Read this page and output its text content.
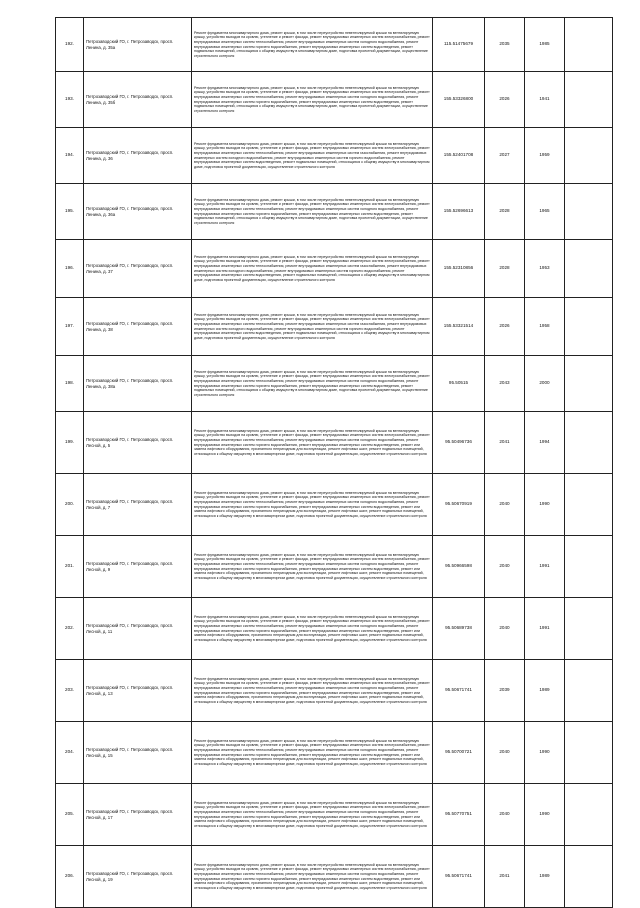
192.	Петрозаводский ГО, г. Петрозаводск, просп. Ленина, д. 35а	Ремонт фундамента многоквартирного дома, ремонт крыши, в том числе переустройство невентилируемой крыши на вентилируемую крышу, устройство выходов на кровлю, утепление и ремонт фасада, ремонт внутридомовых инженерных систем электроснабжения, ремонт внутридомовых инженерных систем теплоснабжения, ремонт внутридомовых инженерных систем холодного водоснабжения, ремонт внутридомовых инженерных систем горячего водоснабжения, ремонт внутридомовых инженерных систем водоотведения, ремонт подвальных помещений, относящихся к общему имуществу в многоквартирном доме, подготовка проектной документации, осуществление строительного контроля	115.51475679	2035	1985	
193.	Петрозаводский ГО, г. Петрозаводск, просп. Ленина, д. 35б	Ремонт фундамента многоквартирного дома, ремонт крыши, в том числе переустройство невентилируемой крыши на вентилируемую крышу, устройство выходов на кровлю, утепление и ремонт фасада, ремонт внутридомовых инженерных систем электроснабжения, ремонт внутридомовых инженерных систем теплоснабжения, ремонт внутридомовых инженерных систем холодного водоснабжения, ремонт внутридомовых инженерных систем горячего водоснабжения, ремонт внутридомовых инженерных систем водоотведения, ремонт подвальных помещений, относящихся к общему имуществу в многоквартирном доме, подготовка проектной документации, осуществление строительного контроля	155.53326800	2026	1941	
194.	Петрозаводский ГО, г. Петрозаводск, просп. Ленина, д. 36	Ремонт фундамента многоквартирного дома, ремонт крыши, в том числе переустройство невентилируемой крыши на вентилируемую крышу, устройство выходов на кровлю, утепление и ремонт фасада, ремонт внутридомовых инженерных систем электроснабжения, ремонт внутридомовых инженерных систем теплоснабжения, ремонт внутридомовых инженерных систем газоснабжения, ремонт внутридомовых инженерных систем холодного водоснабжения, ремонт внутридомовых инженерных систем горячего водоснабжения, ремонт внутридомовых инженерных систем водоотведения, ремонт подвальных помещений, относящихся к общему имуществу в многоквартирном доме, подготовка проектной документации, осуществление строительного контроля	155.52401708	2027	1959	
195.	Петрозаводский ГО, г. Петрозаводск, просп. Ленина, д. 36а	Ремонт фундамента многоквартирного дома, ремонт крыши, в том числе переустройство невентилируемой крыши на вентилируемую крышу, устройство выходов на кровлю, утепление и ремонт фасада, ремонт внутридомовых инженерных систем электроснабжения, ремонт внутридомовых инженерных систем теплоснабжения, ремонт внутридомовых инженерных систем холодного водоснабжения, ремонт внутридомовых инженерных систем горячего водоснабжения, ремонт внутридомовых инженерных систем водоотведения, ремонт подвальных помещений, относящихся к общему имуществу в многоквартирном доме, подготовка проектной документации, осуществление строительного контроля	155.52696613	2028	1965	
196.	Петрозаводский ГО, г. Петрозаводск, просп. Ленина, д. 37	Ремонт фундамента многоквартирного дома, ремонт крыши, в том числе переустройство невентилируемой крыши на вентилируемую крышу, устройство выходов на кровлю, утепление и ремонт фасада, ремонт внутридомовых инженерных систем электроснабжения, ремонт внутридомовых инженерных систем теплоснабжения, ремонт внутридомовых инженерных систем газоснабжения, ремонт внутридомовых инженерных систем холодного водоснабжения, ремонт внутридомовых инженерных систем горячего водоснабжения, ремонт внутридомовых инженерных систем водоотведения, ремонт подвальных помещений, относящихся к общему имуществу в многоквартирном доме, подготовка проектной документации, осуществление строительного контроля	155.52310856	2028	1953	
197.	Петрозаводский ГО, г. Петрозаводск, просп. Ленина, д. 38	Ремонт фундамента многоквартирного дома, ремонт крыши, в том числе переустройство невентилируемой крыши на вентилируемую крышу, устройство выходов на кровлю, утепление и ремонт фасада, ремонт внутридомовых инженерных систем электроснабжения, ремонт внутридомовых инженерных систем теплоснабжения, ремонт внутридомовых инженерных систем газоснабжения, ремонт внутридомовых инженерных систем холодного водоснабжения, ремонт внутридомовых инженерных систем горячего водоснабжения, ремонт внутридомовых инженерных систем водоотведения, ремонт подвальных помещений, относящихся к общему имуществу в многоквартирном доме, подготовка проектной документации, осуществление строительного контроля	155.53321514	2026	1958	
198.	Петрозаводский ГО, г. Петрозаводск, просп. Ленина, д. 38а	Ремонт фундамента многоквартирного дома, ремонт крыши, в том числе переустройство невентилируемой крыши на вентилируемую крышу, устройство выходов на кровлю, утепление и ремонт фасада, ремонт внутридомовых инженерных систем электроснабжения, ремонт внутридомовых инженерных систем теплоснабжения, ремонт внутридомовых инженерных систем холодного водоснабжения, ремонт внутридомовых инженерных систем горячего водоснабжения, ремонт внутридомовых инженерных систем водоотведения, ремонт подвальных помещений, относящихся к общему имуществу в многоквартирном доме, подготовка проектной документации, осуществление строительного контроля	95.50515	2043	2000	
199.	Петрозаводский ГО, г. Петрозаводск, просп. Лесной, д. 5	Ремонт фундамента многоквартирного дома, ремонт крыши, в том числе переустройство невентилируемой крыши на вентилируемую крышу, устройство выходов на кровлю, утепление и ремонт фасада, ремонт внутридомовых инженерных систем электроснабжения, ремонт внутридомовых инженерных систем теплоснабжения, ремонт внутридомовых инженерных систем холодного водоснабжения, ремонт внутридомовых инженерных систем горячего водоснабжения, ремонт внутридомовых инженерных систем водоотведения, ремонт или замена лифтового оборудования, признанного непригодным для эксплуатации, ремонт лифтовых шахт, ремонт подвальных помещений, относящихся к общему имуществу в многоквартирном доме, подготовка проектной документации, осуществление строительного контроля	95.50496736	2041	1994	
200.	Петрозаводский ГО, г. Петрозаводск, просп. Лесной, д. 7	Ремонт фундамента многоквартирного дома, ремонт крыши, в том числе переустройство невентилируемой крыши на вентилируемую крышу, устройство выходов на кровлю, утепление и ремонт фасада, ремонт внутридомовых инженерных систем электроснабжения, ремонт внутридомовых инженерных систем теплоснабжения, ремонт внутридомовых инженерных систем холодного водоснабжения, ремонт внутридомовых инженерных систем горячего водоснабжения, ремонт внутридомовых инженерных систем водоотведения, ремонт или замена лифтового оборудования, признанного непригодным для эксплуатации, ремонт лифтовых шахт, ремонт подвальных помещений, относящихся к общему имуществу в многоквартирном доме, подготовка проектной документации, осуществление строительного контроля	95.50670919	2040	1990	
201.	Петрозаводский ГО, г. Петрозаводск, просп. Лесной, д. 9	Ремонт фундамента многоквартирного дома, ремонт крыши, в том числе переустройство невентилируемой крыши на вентилируемую крышу, устройство выходов на кровлю, утепление и ремонт фасада, ремонт внутридомовых инженерных систем электроснабжения, ремонт внутридомовых инженерных систем теплоснабжения, ремонт внутридомовых инженерных систем холодного водоснабжения, ремонт внутридомовых инженерных систем горячего водоснабжения, ремонт внутридомовых инженерных систем водоотведения, ремонт или замена лифтового оборудования, признанного непригодным для эксплуатации, ремонт лифтовых шахт, ремонт подвальных помещений, относящихся к общему имуществу в многоквартирном доме, подготовка проектной документации, осуществление строительного контроля	95.50966598	2040	1991	
202.	Петрозаводский ГО, г. Петрозаводск, просп. Лесной, д. 11	Ремонт фундамента многоквартирного дома, ремонт крыши, в том числе переустройство невентилируемой крыши на вентилируемую крышу, устройство выходов на кровлю, утепление и ремонт фасада, ремонт внутридомовых инженерных систем электроснабжения, ремонт внутридомовых инженерных систем теплоснабжения, ремонт внутридомовых инженерных систем холодного водоснабжения, ремонт внутридомовых инженерных систем горячего водоснабжения, ремонт внутридомовых инженерных систем водоотведения, ремонт или замена лифтового оборудования, признанного непригодным для эксплуатации, ремонт лифтовых шахт, ремонт подвальных помещений, относящихся к общему имуществу в многоквартирном доме, подготовка проектной документации, осуществление строительного контроля	95.50689738	2040	1991	
203.	Петрозаводский ГО, г. Петрозаводск, просп. Лесной, д. 13	Ремонт фундамента многоквартирного дома, ремонт крыши, в том числе переустройство невентилируемой крыши на вентилируемую крышу, устройство выходов на кровлю, утепление и ремонт фасада, ремонт внутридомовых инженерных систем электроснабжения, ремонт внутридомовых инженерных систем теплоснабжения, ремонт внутридомовых инженерных систем холодного водоснабжения, ремонт внутридомовых инженерных систем горячего водоснабжения, ремонт внутридомовых инженерных систем водоотведения, ремонт или замена лифтового оборудования, признанного непригодным для эксплуатации, ремонт лифтовых шахт, ремонт подвальных помещений, относящихся к общему имуществу в многоквартирном доме, подготовка проектной документации, осуществление строительного контроля	95.50671741	2039	1989	
204.	Петрозаводский ГО, г. Петрозаводск, просп. Лесной, д. 15	Ремонт фундамента многоквартирного дома, ремонт крыши, в том числе переустройство невентилируемой крыши на вентилируемую крышу, устройство выходов на кровлю, утепление и ремонт фасада, ремонт внутридомовых инженерных систем электроснабжения, ремонт внутридомовых инженерных систем теплоснабжения, ремонт внутридомовых инженерных систем холодного водоснабжения, ремонт внутридомовых инженерных систем горячего водоснабжения, ремонт внутридомовых инженерных систем водоотведения, ремонт или замена лифтового оборудования, признанного непригодным для эксплуатации, ремонт лифтовых шахт, ремонт подвальных помещений, относящихся к общему имуществу в многоквартирном доме, подготовка проектной документации, осуществление строительного контроля	95.50700721	2040	1990	
205.	Петрозаводский ГО, г. Петрозаводск, просп. Лесной, д. 17	Ремонт фундамента многоквартирного дома, ремонт крыши, в том числе переустройство невентилируемой крыши на вентилируемую крышу, устройство выходов на кровлю, утепление и ремонт фасада, ремонт внутридомовых инженерных систем электроснабжения, ремонт внутридомовых инженерных систем теплоснабжения, ремонт внутридомовых инженерных систем холодного водоснабжения, ремонт внутридомовых инженерных систем горячего водоснабжения, ремонт внутридомовых инженерных систем водоотведения, ремонт или замена лифтового оборудования, признанного непригодным для эксплуатации, ремонт лифтовых шахт, ремонт подвальных помещений, относящихся к общему имуществу в многоквартирном доме, подготовка проектной документации, осуществление строительного контроля	95.50770751	2040	1990	
206.	Петрозаводский ГО, г. Петрозаводск, просп. Лесной, д. 19	Ремонт фундамента многоквартирного дома, ремонт крыши, в том числе переустройство невентилируемой крыши на вентилируемую крышу, устройство выходов на кровлю, утепление и ремонт фасада, ремонт внутридомовых инженерных систем электроснабжения, ремонт внутридомовых инженерных систем теплоснабжения, ремонт внутридомовых инженерных систем холодного водоснабжения, ремонт внутридомовых инженерных систем горячего водоснабжения, ремонт внутридомовых инженерных систем водоотведения, ремонт или замена лифтового оборудования, признанного непригодным для эксплуатации, ремонт лифтовых шахт, ремонт подвальных помещений, относящихся к общему имуществу в многоквартирном доме, подготовка проектной документации, осуществление строительного контроля	95.50671741	2041	1989	
